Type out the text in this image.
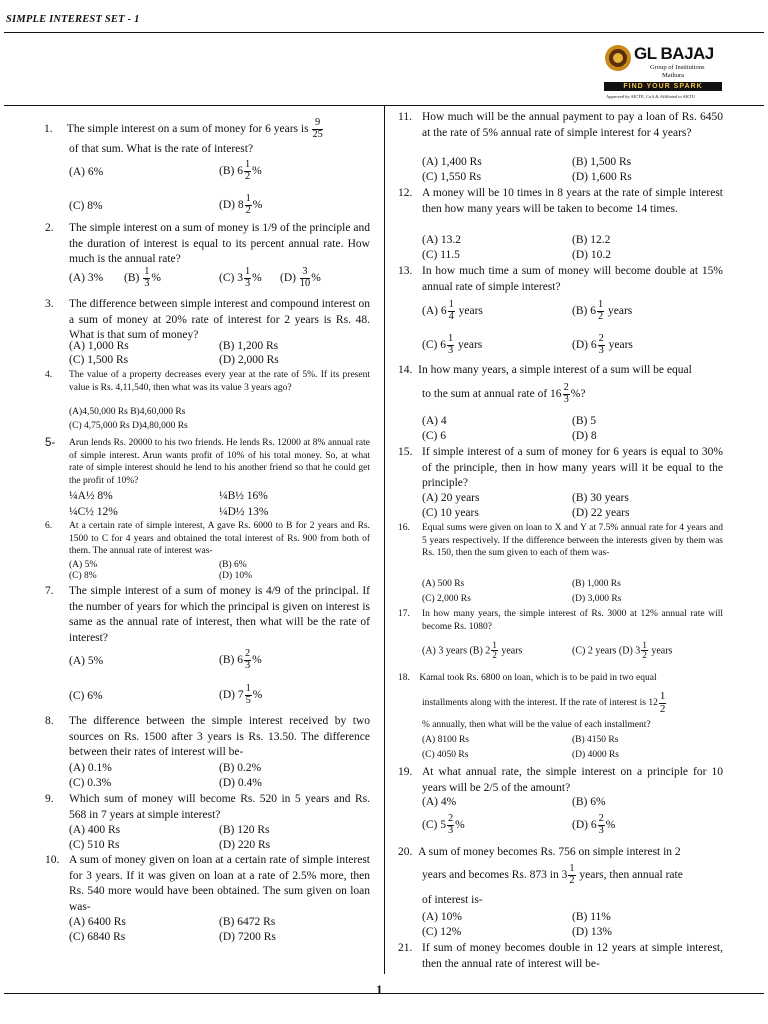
SIMPLE INTEREST SET - 1
GL BAJAJ
Group of Institutions
Mathura
FIND YOUR SPARK
Approved by AICTE, CoA & Affiliated to AKTU
1. The simple interest on a sum of money for 6 years is $\frac{9}{25}$
of that sum. What is the rate of interest?
(A) 6%	(B) $6 \frac{1}{2}$ %
(C) 8%	(D) $8 \frac{1}{2}$ %
2. The simple interest on a sum of money is 1/9 of the principle and the duration of interest is equal to its percent annual rate. How much is the annual rate?
(A) 3% $(B) \frac{1}{3}$ %	(C) $3 \frac{1}{3}$ % $(D) \frac{3}{10}$ %
3. The difference between simple interest and compound interest on a sum of money at 20% rate of interest for 2 years is Rs. 48. What is that sum of money?
(A) 1,000 Rs	(B) 1,200 Rs
(C) 1,500 Rs	(D) 2,000 Rs
4. The value of a property decreases every year at the rate of 5%. If its present value is Rs. 4,11,540, then what was its value 3 years ago?
(A)4,50,000 Rs B)4,60,000 Rs
(C) 4,75,000 Rs D)4,80,000 Rs
5- Arun lends Rs. 20000 to his two friends. He lends Rs. 12000 at 8% annual rate of simple interest. Arun wants profit of 10% of his total money. So, at what rate of simple interest should he lend to his another friend so that he could get the profit of 10%?
¼A½ 8%	¼B½ 16%
¼C½ 12%	¼D½ 13%
6. At a certain rate of simple interest, A gave Rs. 6000 to B for 2 years and Rs. 1500 to C for 4 years and obtained the total interest of Rs. 900 from both of them. The annual rate of interest was-
(A) 5%	(B) 6%
(C) 8%	(D) 10%
7. The simple interest of a sum of money is 4/9 of the principal. If the number of years for which the principal is given on interest is same as the annual rate of interest, then what will be the rate of interest?
(A) 5%	(B) $6 \frac{2}{3}$ %
(C) 6%	(D) $7 \frac{1}{5}$ %
8. The difference between the simple interest received by two sources on Rs. 1500 after 3 years is Rs. 13.50. The difference between their rates of interest will be-
(A) 0.1%	(B) 0.2%
(C) 0.3%	(D) 0.4%
9. Which sum of money will become Rs. 520 in 5 years and Rs. 568 in 7 years at simple interest?
(A) 400 Rs	(B) 120 Rs
(C) 510 Rs	(D) 220 Rs
10. A sum of money given on loan at a certain rate of simple interest for 3 years. If it was given on loan at a rate of 2.5% more, then Rs. 540 more would have been obtained. The sum given on loan was-
(A) 6400 Rs	(B) 6472 Rs
(C) 6840 Rs	(D) 7200 Rs
11. How much will be the annual payment to pay a loan of Rs. 6450 at the rate of 5% annual rate of simple interest for 4 years?
(A) 1,400 Rs	(B) 1,500 Rs
(C) 1,550 Rs	(D) 1,600 Rs
12. A money will be 10 times in 8 years at the rate of simple interest then how many years will be taken to become 14 times.
(A) 13.2	(B) 12.2
(C) 11.5	(D) 10.2
13. In how much time a sum of money will become double at 15% annual rate of simple interest?
(A) $6 \frac{1}{4}$ years	(B) $6 \frac{1}{2}$ years
(C) $6 \frac{1}{3}$ years	(D) $6 \frac{2}{3}$ years
14. In how many years, a simple interest of a sum will be equal
to the sum at annual rate of $16 \frac{2}{3}$ %?
(A) 4	(B) 5
(C) 6	(D) 8
15. If simple interest of a sum of money for 6 years is equal to 30% of the principle, then in how many years will it be equal to the principle?
(A) 20 years	(B) 30 years
(C) 10 years	(D) 22 years
16. Equal sums were given on loan to X and Y at 7.5% annual rate for 4 years and 5 years respectively. If the difference between the interests given by them was Rs. 150, then the sum given to each of them was-
(A) 500 Rs	(B) 1,000 Rs
(C) 2,000 Rs	(D) 3,000 Rs
17. In how many years, the simple interest of Rs. 3000 at 12% annual rate will become Rs. 1080?
(A) 3 years (B) $2 \frac{1}{2}$ years	(C) 2 years (D) $3 \frac{1}{2}$ years
18. Kamal took Rs. 6800 on loan, which is to be paid in two equal
installments along with the interest. If the rate of interest is $12 \frac{1}{2}$
% annually, then what will be the value of each installment?
(A) 8100 Rs	(B) 4150 Rs
(C) 4050 Rs	(D) 4000 Rs
19. At what annual rate, the simple interest on a principle for 10 years will be 2/5 of the amount?
(A) 4%	(B) 6%
(C) $5 \frac{2}{3}$ %	(D) $6 \frac{2}{3}$ %
20. A sum of money becomes Rs. 756 on simple interest in 2
years and becomes Rs. 873 in $3 \frac{1}{2}$ years, then annual rate
of interest is-
(A) 10%	(B) 11%
(C) 12%	(D) 13%
21. If sum of money becomes double in 12 years at simple interest, then the annual rate of interest will be-
1
